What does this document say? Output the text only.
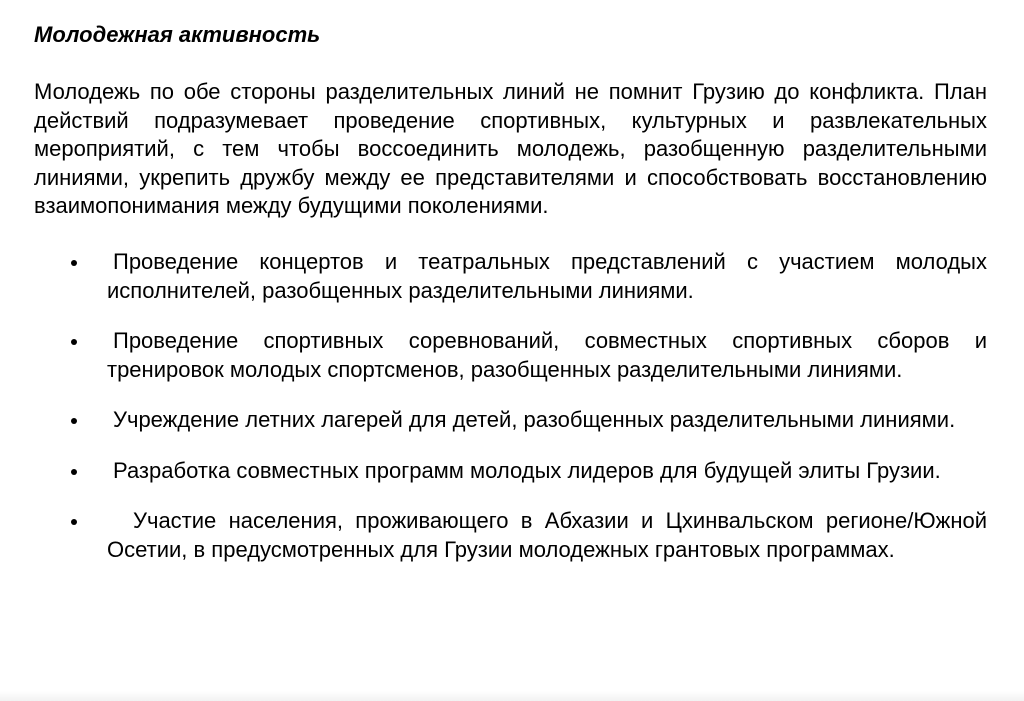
Молодежная активность

Молодежь по обе стороны разделительных линий не помнит Грузию до конфликта. План действий подразумевает проведение спортивных, культурных и развлекательных мероприятий, с тем чтобы воссоединить молодежь, разобщенную разделительными линиями, укрепить дружбу между ее представителями и способствовать восстановлению взаимопонимания между будущими поколениями.

Проведение концертов и театральных представлений с участием молодых исполнителей, разобщенных разделительными линиями.
Проведение спортивных соревнований, совместных спортивных сборов и тренировок молодых спортсменов, разобщенных разделительными линиями.
Учреждение летних лагерей для детей, разобщенных разделительными линиями.
Разработка совместных программ молодых лидеров для будущей элиты Грузии.
Участие населения, проживающего в Абхазии и Цхинвальском регионе/Южной Осетии, в предусмотренных для Грузии молодежных грантовых программах.
